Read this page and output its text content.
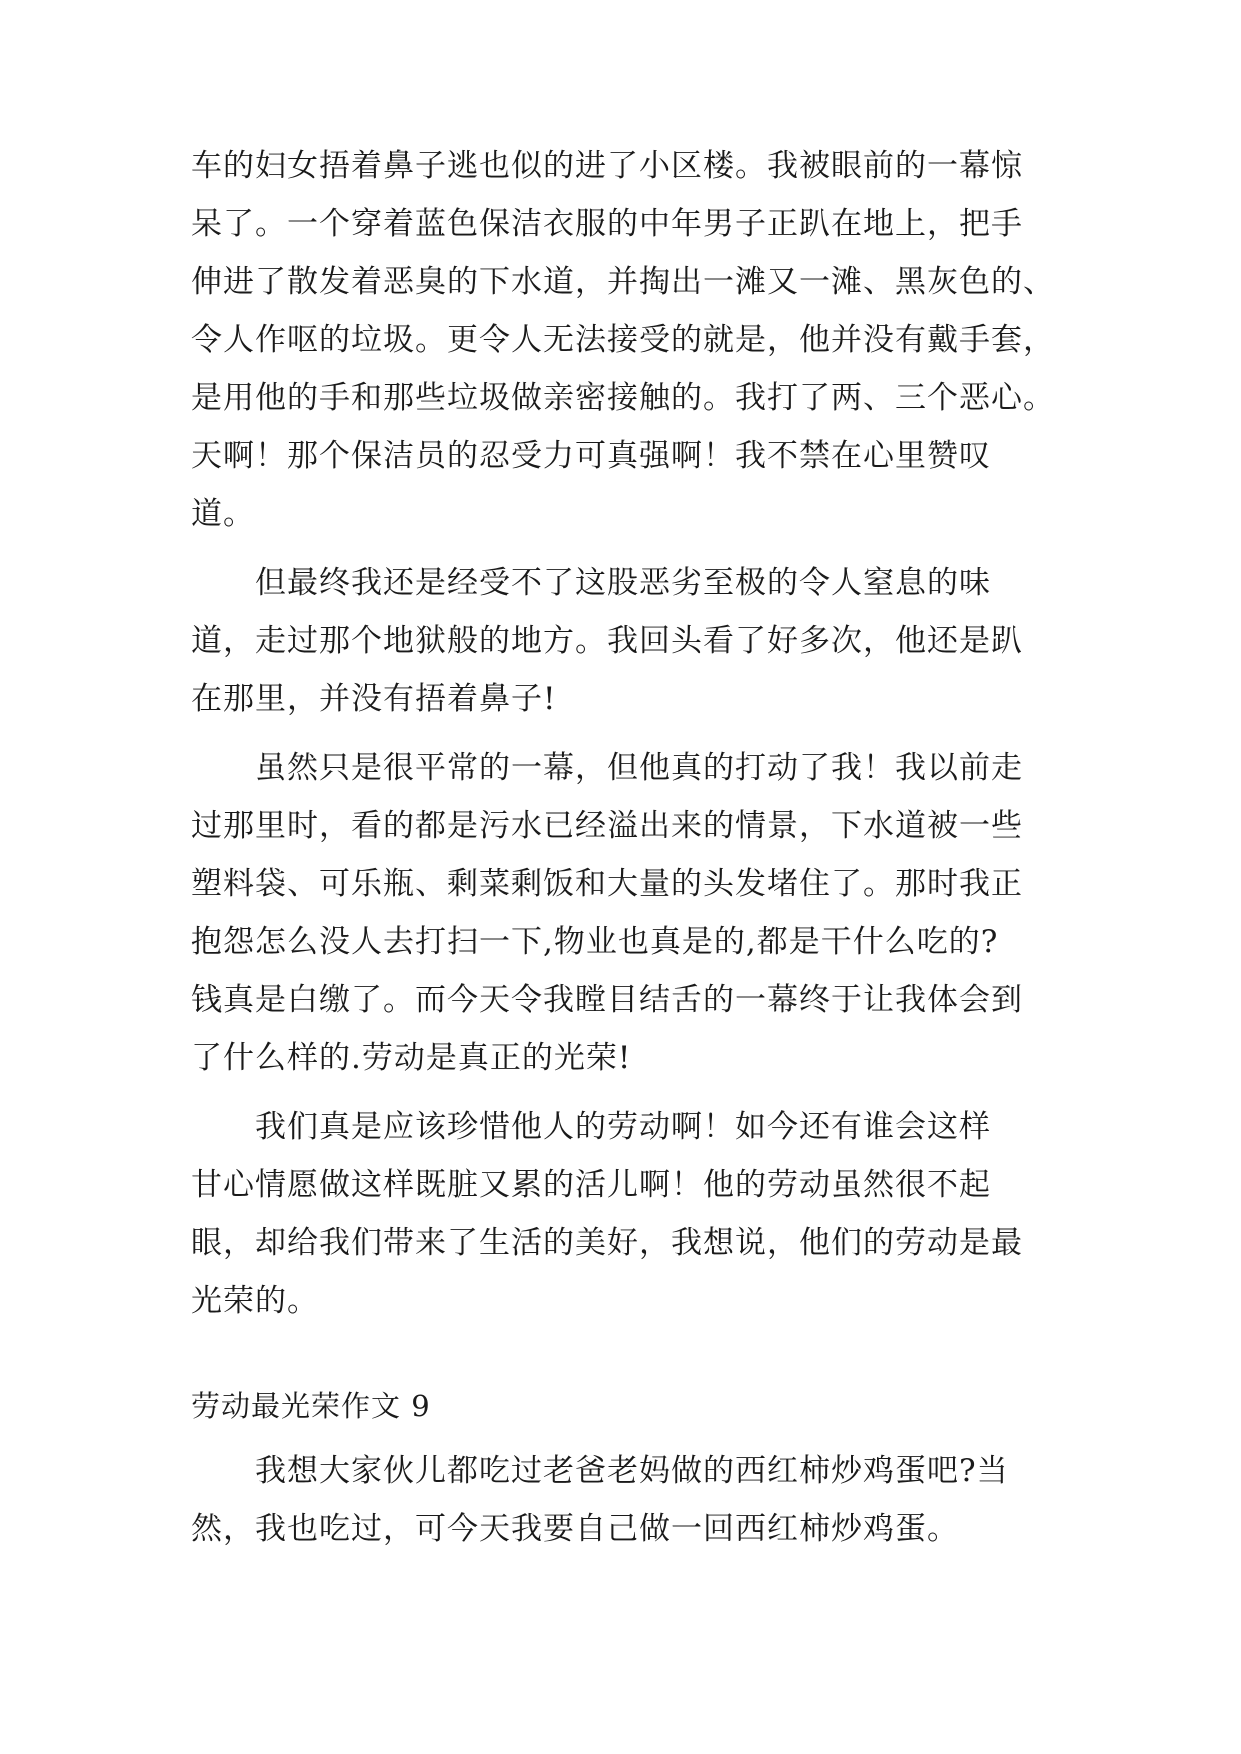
车的妇女捂着鼻子逃也似的进了小区楼。我被眼前的一幕惊
呆了。一个穿着蓝色保洁衣服的中年男子正趴在地上，把手
伸进了散发着恶臭的下水道，并掏出一滩又一滩、黑灰色的、
令人作呕的垃圾。更令人无法接受的就是，他并没有戴手套，
是用他的手和那些垃圾做亲密接触的。我打了两、三个恶心。
天啊！那个保洁员的忍受力可真强啊！我不禁在心里赞叹
道。
　　但最终我还是经受不了这股恶劣至极的令人窒息的味
道，走过那个地狱般的地方。我回头看了好多次，他还是趴
在那里，并没有捂着鼻子!
　　虽然只是很平常的一幕，但他真的打动了我！我以前走
过那里时，看的都是污水已经溢出来的情景，下水道被一些
塑料袋、可乐瓶、剩菜剩饭和大量的头发堵住了。那时我正
抱怨怎么没人去打扫一下,物业也真是的,都是干什么吃的?
钱真是白缴了。而今天令我瞠目结舌的一幕终于让我体会到
了什么样的.劳动是真正的光荣!
　　我们真是应该珍惜他人的劳动啊！如今还有谁会这样
甘心情愿做这样既脏又累的活儿啊！他的劳动虽然很不起
眼，却给我们带来了生活的美好，我想说，他们的劳动是最
光荣的。
劳动最光荣作文 9
　　我想大家伙儿都吃过老爸老妈做的西红柿炒鸡蛋吧?当
然，我也吃过，可今天我要自己做一回西红柿炒鸡蛋。
